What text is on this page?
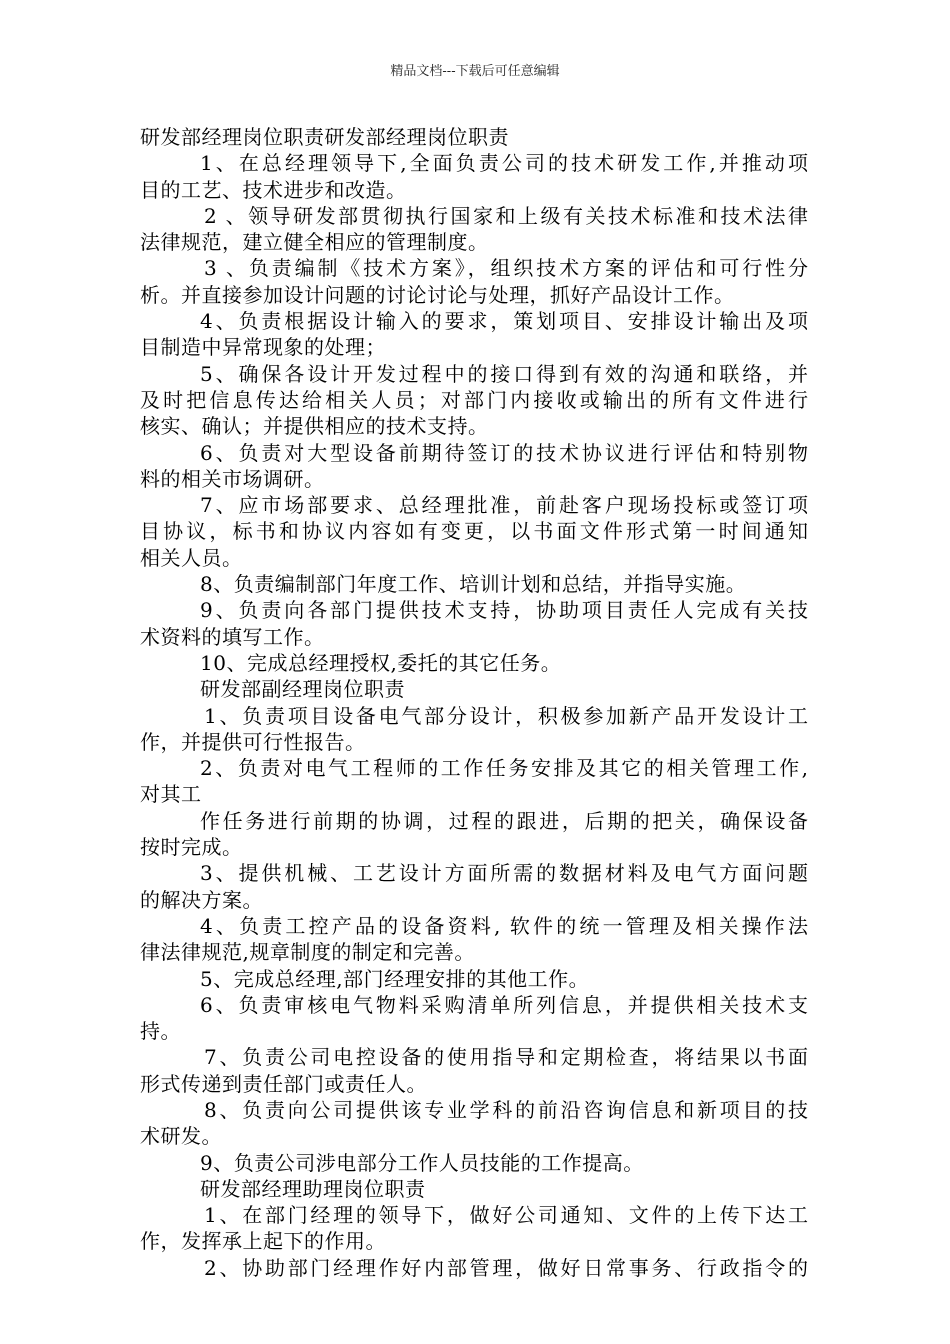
精品文档---下载后可任意编辑
研发部经理岗位职责研发部经理岗位职责
1、在总经理领导下,全面负责公司的技术研发工作,并推动项
目的工艺、技术进步和改造。
2 、领导研发部贯彻执行国家和上级有关技术标准和技术法律
法律规范，建立健全相应的管理制度。
3 、负责编制《技术方案》，组织技术方案的评估和可行性分
析。并直接参加设计问题的讨论讨论与处理，抓好产品设计工作。
4、负责根据设计输入的要求，策划项目、安排设计输出及项
目制造中异常现象的处理；
5、确保各设计开发过程中的接口得到有效的沟通和联络，并
及时把信息传达给相关人员；对部门内接收或输出的所有文件进行
核实、确认；并提供相应的技术支持。
6、负责对大型设备前期待签订的技术协议进行评估和特别物
料的相关市场调研。
7、应市场部要求、总经理批准，前赴客户现场投标或签订项
目协议，标书和协议内容如有变更，以书面文件形式第一时间通知
相关人员。
8、负责编制部门年度工作、培训计划和总结，并指导实施。
9、负责向各部门提供技术支持，协助项目责任人完成有关技
术资料的填写工作。
10、完成总经理授权,委托的其它任务。
研发部副经理岗位职责
1、负责项目设备电气部分设计，积极参加新产品开发设计工
作，并提供可行性报告。
2、负责对电气工程师的工作任务安排及其它的相关管理工作,
对其工
作任务进行前期的协调，过程的跟进，后期的把关，确保设备
按时完成。
3、提供机械、工艺设计方面所需的数据材料及电气方面问题
的解决方案。
4、负责工控产品的设备资料, 软件的统一管理及相关操作法
律法律规范,规章制度的制定和完善。
5、完成总经理,部门经理安排的其他工作。
6、负责审核电气物料采购清单所列信息，并提供相关技术支
持。
7、负责公司电控设备的使用指导和定期检查，将结果以书面
形式传递到责任部门或责任人。
8、负责向公司提供该专业学科的前沿咨询信息和新项目的技
术研发。
9、负责公司涉电部分工作人员技能的工作提高。
研发部经理助理岗位职责
1、在部门经理的领导下，做好公司通知、文件的上传下达工
作，发挥承上起下的作用。
2、协助部门经理作好内部管理，做好日常事务、行政指令的
